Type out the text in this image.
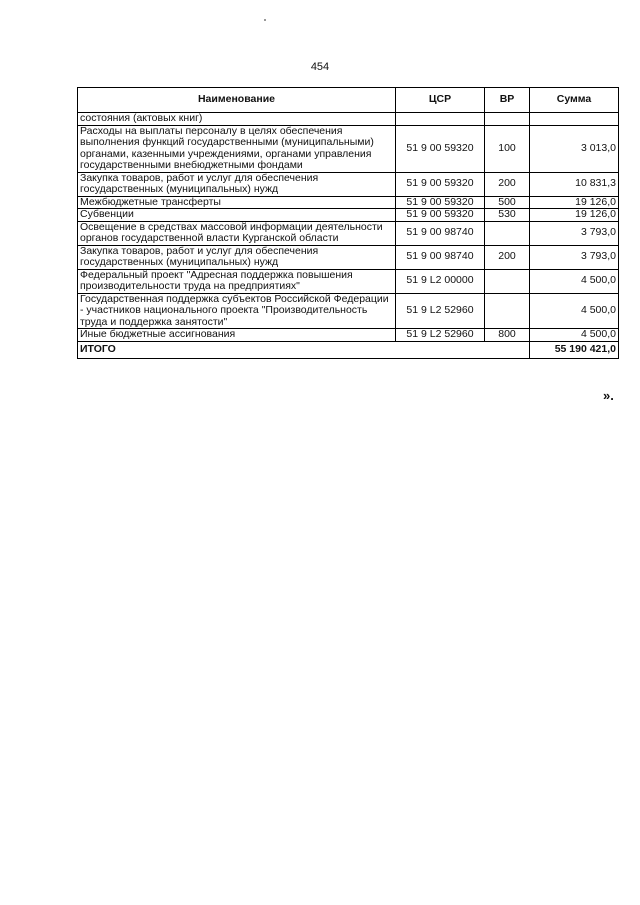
454
Наименование	ЦСР	ВР	Сумма
состояния (актовых книг)			
Расходы на выплаты персоналу в целях обеспечения выполнения функций государственными (муниципальными) органами, казенными учреждениями, органами управления государственными внебюджетными фондами	51 9 00 59320	100	3 013,0
Закупка товаров, работ и услуг для обеспечения государственных (муниципальных) нужд	51 9 00 59320	200	10 831,3
Межбюджетные трансферты	51 9 00 59320	500	19 126,0
Субвенции	51 9 00 59320	530	19 126,0
Освещение в средствах массовой информации деятельности органов государственной власти Курганской области	51 9 00 98740		3 793,0
Закупка товаров, работ и услуг для обеспечения государственных (муниципальных) нужд	51 9 00 98740	200	3 793,0
Федеральный проект "Адресная поддержка повышения производительности труда на предприятиях"	51 9 L2 00000		4 500,0
Государственная поддержка субъектов Российской Федерации - участников национального проекта "Производительность труда и поддержка занятости"	51 9 L2 52960		4 500,0
Иные бюджетные ассигнования	51 9 L2 52960	800	4 500,0
ИТОГО			55 190 421,0
».
